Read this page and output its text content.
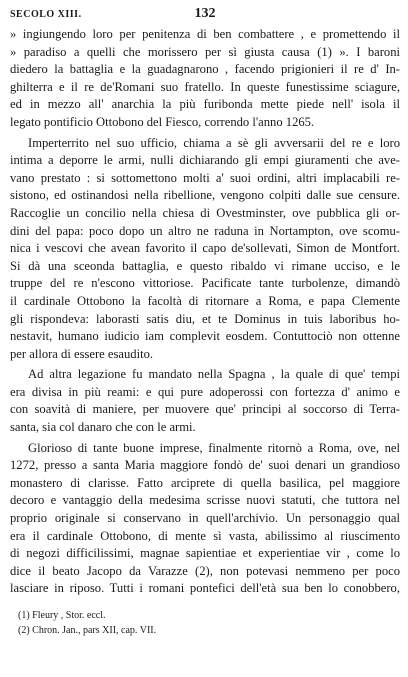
SECOLO XIII.	132
» ingiungendo loro per penitenza di ben combattere , e promettendo il
» paradiso a quelli che morissero per sì giusta causa (1) ». I baroni
diedero la battaglia e la guadagnarono , facendo prigionieri il re d' In-
ghilterra e il re de'Romani suo fratello. In queste funestissime sciagure,
ed in mezzo all' anarchia la più furibonda mette piede nell' isola il
legato pontificio Ottobono del Fiesco, correndo l'anno 1265.
Imperterrito nel suo ufficio, chiama a sè gli avversarii del re e loro
intima a deporre le armi, nulli dichiarando gli empi giuramenti che ave-
vano prestato : si sottomettono molti a' suoi ordini, altri implacabili re-
sistono, ed ostinandosi nella ribellione, vengono colpiti dalle sue censure.
Raccoglie un concilio nella chiesa di Ovestminster, ove pubblica gli or-
dini del papa: poco dopo un altro ne raduna in Nortampton, ove scomu-
nica i vescovi che avean favorito il capo de'sollevati, Simon de Montfort.
Si dà una sceonda battaglia, e questo ribaldo vi rimane ucciso, e le
truppe del re n'escono vittoriose. Pacificate tante turbolenze, dimandò
il cardinale Ottobono la facoltà di ritornare a Roma, e papa Clemente
gli rispondeva: laborasti satis diu, et te Dominus in tuis laboribus ho-
nestavit, humano iudicio iam complevit eosdem. Contuttociò non ottenne
per allora di essere esaudito.
Ad altra legazione fu mandato nella Spagna , la quale di que' tempi
era divisa in più reami: e qui pure adoperossi con fortezza d' animo e
con soavità di maniere, per muovere que' principi al soccorso di Terra-
santa, sia col danaro che con le armi.
Glorioso di tante buone imprese, finalmente ritornò a Roma, ove, nel
1272, presso a santa Maria maggiore fondò de' suoi denari un grandioso
monastero di clarisse. Fatto arciprete di quella basilica, pel maggiore
decoro e vantaggio della medesima scrisse nuovi statuti, che tuttora nel
proprio originale si conservano in quell'archivio. Un personaggio qual
era il cardinale Ottobono, di mente sì vasta, abilissimo al riuscimento
di negozi difficilissimi, magnae sapientiae et experientiae vir , come lo
dice il beato Jacopo da Varazze (2), non potevasi nemmeno per poco
lasciare in riposo. Tutti i romani pontefici dell'età sua ben lo conobbero,
(1) Fleury , Stor. eccl.
(2) Chron. Jan., pars XII, cap. VII.
